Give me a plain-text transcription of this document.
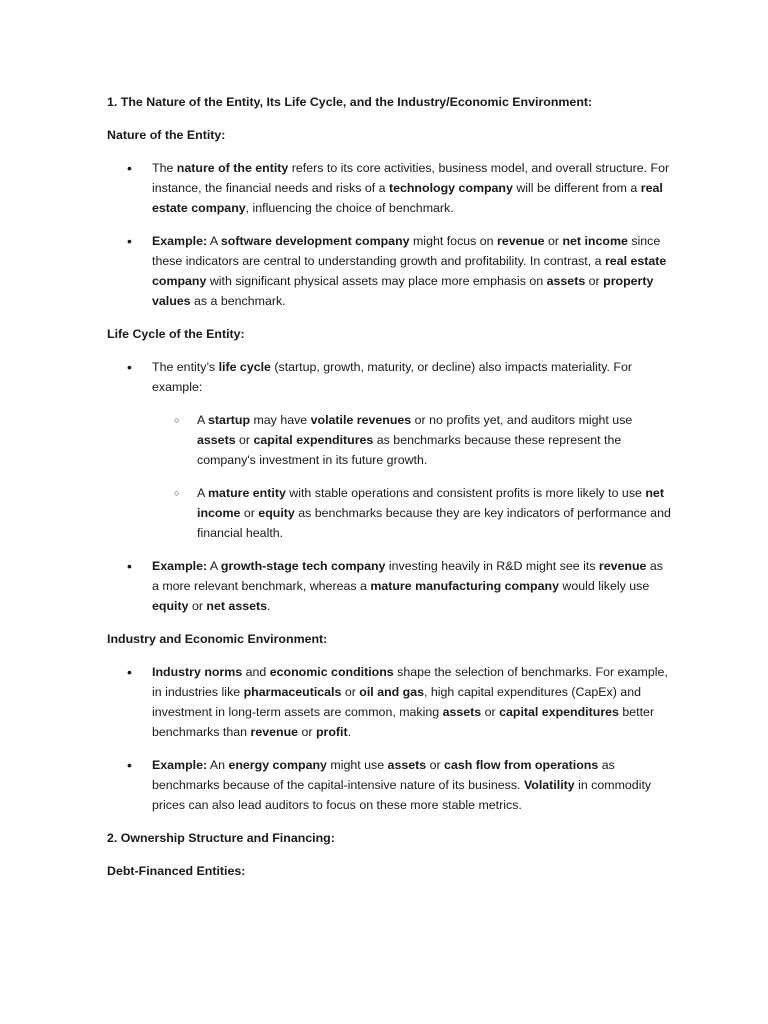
1. The Nature of the Entity, Its Life Cycle, and the Industry/Economic Environment:
Nature of the Entity:
• The nature of the entity refers to its core activities, business model, and overall structure. For instance, the financial needs and risks of a technology company will be different from a real estate company, influencing the choice of benchmark.
• Example: A software development company might focus on revenue or net income since these indicators are central to understanding growth and profitability. In contrast, a real estate company with significant physical assets may place more emphasis on assets or property values as a benchmark.
Life Cycle of the Entity:
• The entity’s life cycle (startup, growth, maturity, or decline) also impacts materiality. For example:
○ A startup may have volatile revenues or no profits yet, and auditors might use assets or capital expenditures as benchmarks because these represent the company's investment in its future growth.
○ A mature entity with stable operations and consistent profits is more likely to use net income or equity as benchmarks because they are key indicators of performance and financial health.
• Example: A growth-stage tech company investing heavily in R&D might see its revenue as a more relevant benchmark, whereas a mature manufacturing company would likely use equity or net assets.
Industry and Economic Environment:
• Industry norms and economic conditions shape the selection of benchmarks. For example, in industries like pharmaceuticals or oil and gas, high capital expenditures (CapEx) and investment in long-term assets are common, making assets or capital expenditures better benchmarks than revenue or profit.
• Example: An energy company might use assets or cash flow from operations as benchmarks because of the capital-intensive nature of its business. Volatility in commodity prices can also lead auditors to focus on these more stable metrics.
2. Ownership Structure and Financing:
Debt-Financed Entities:
